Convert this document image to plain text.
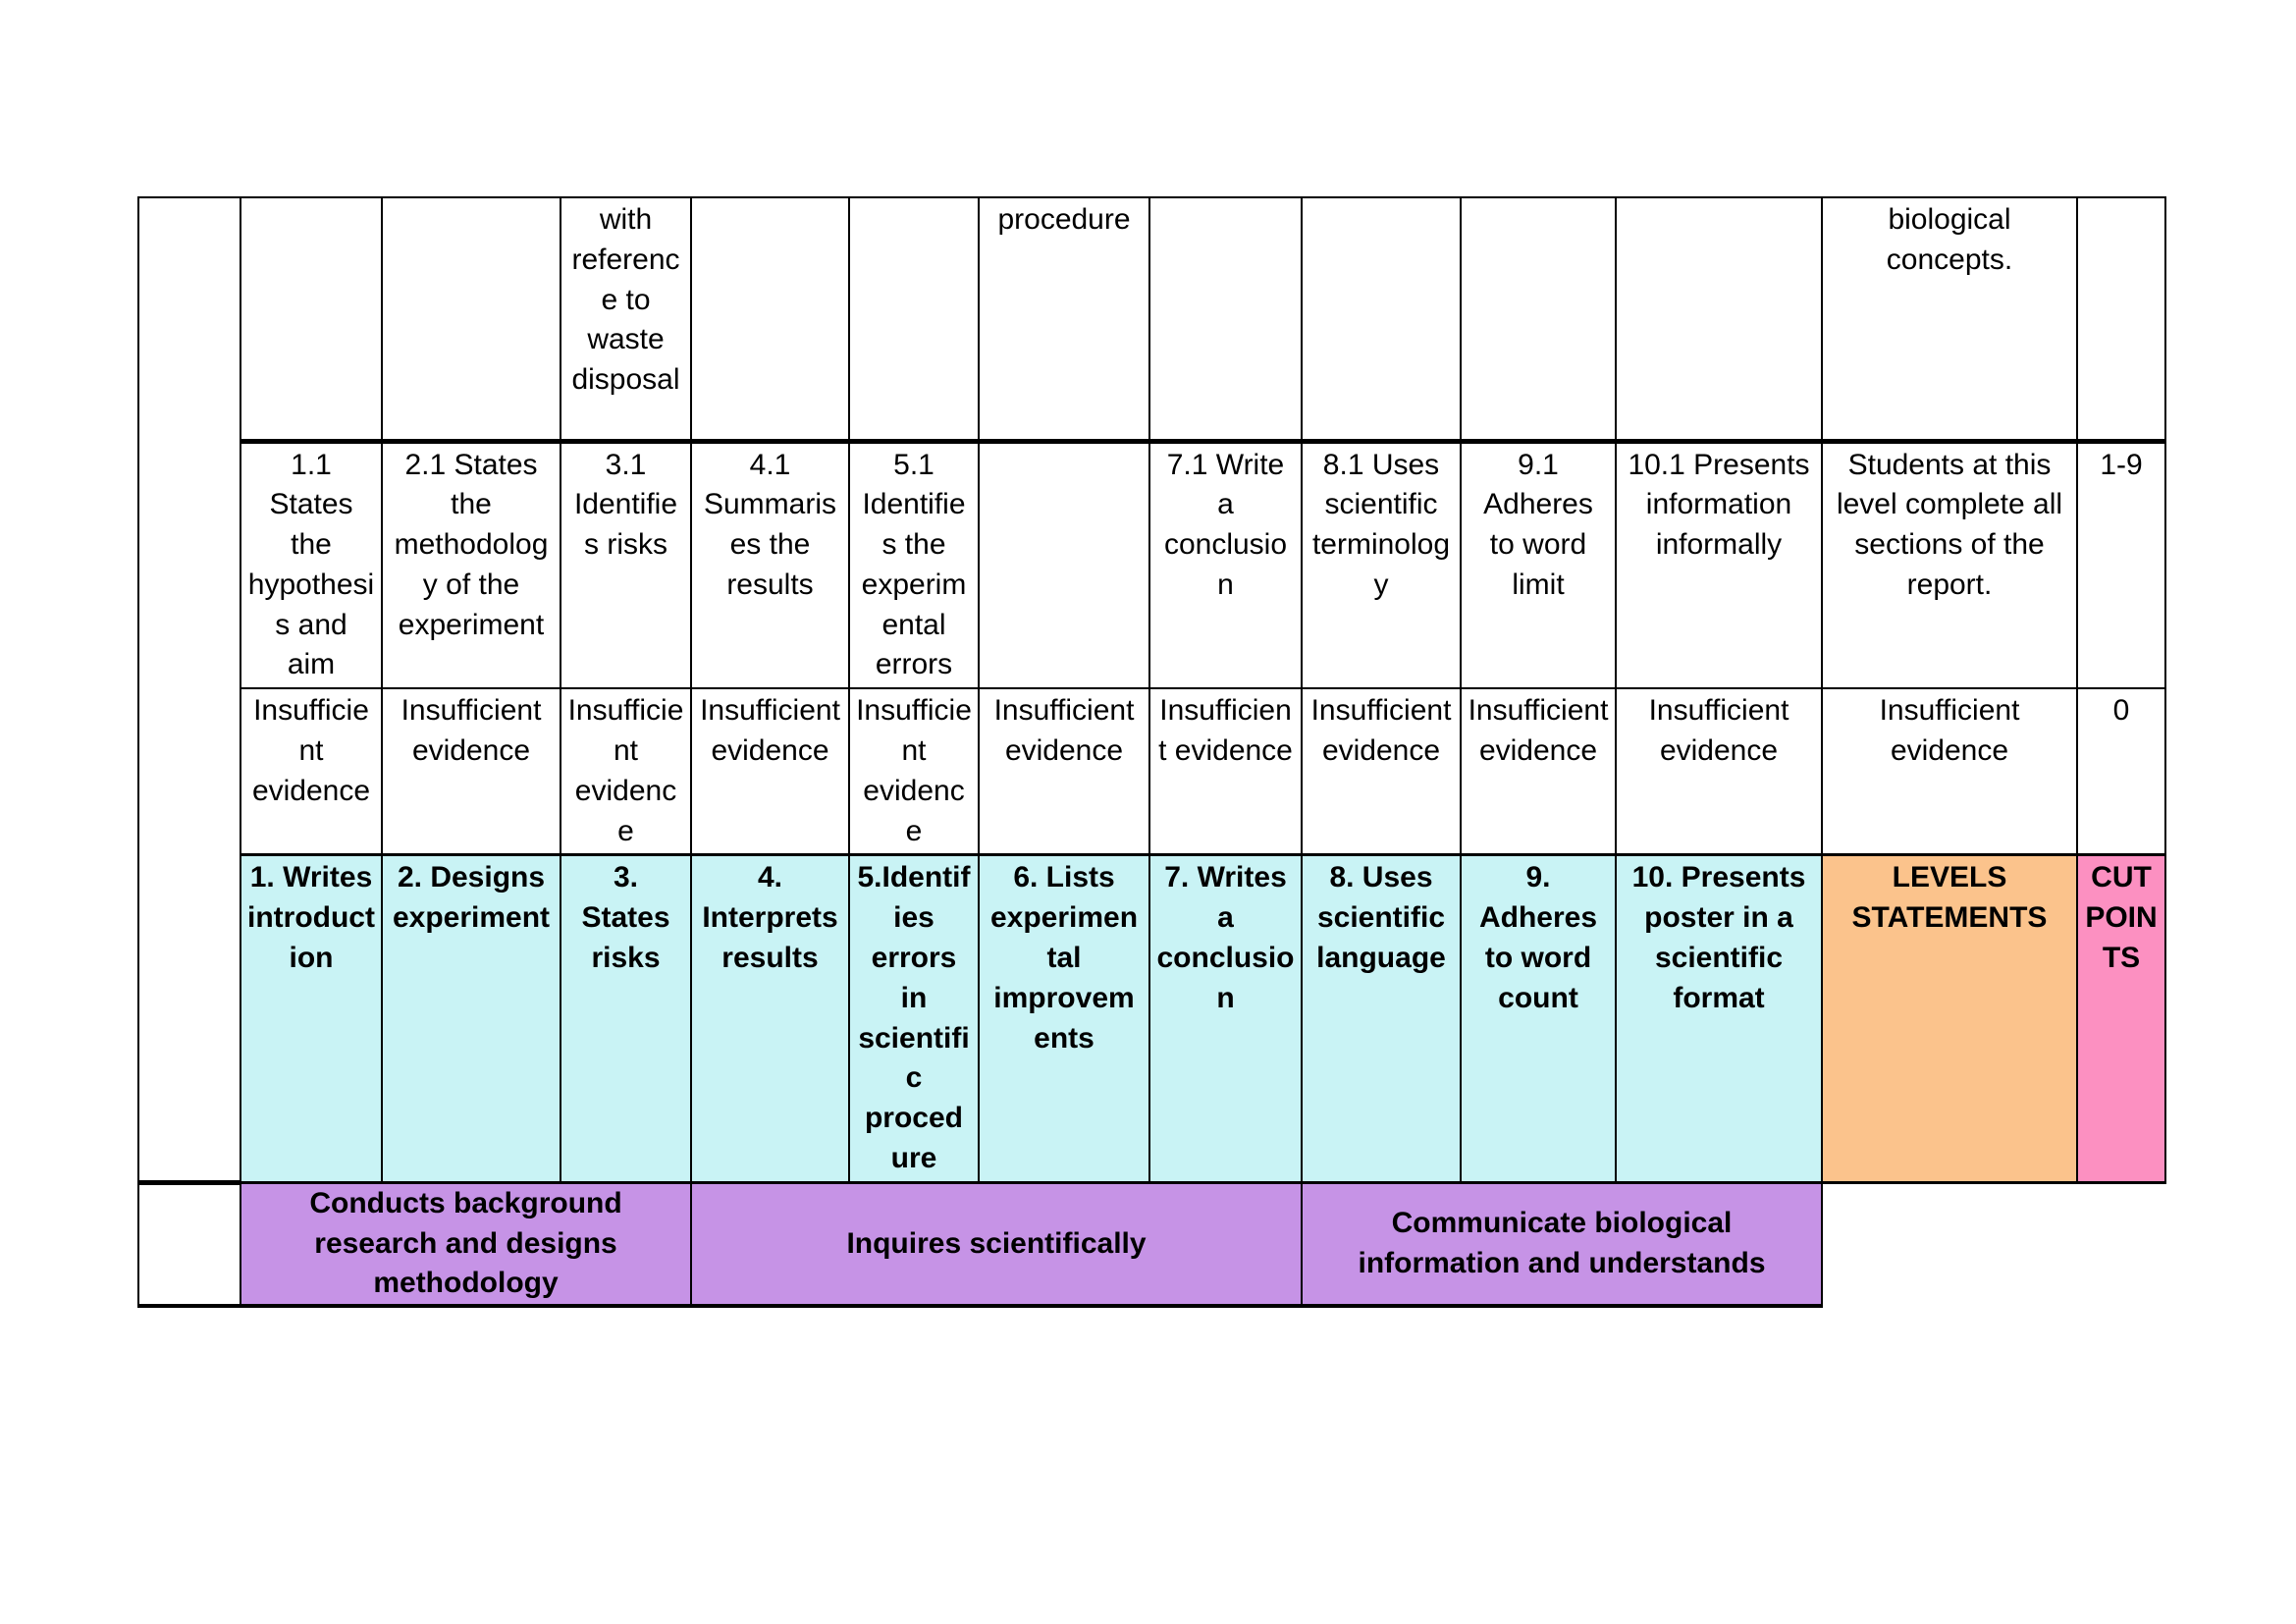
			with reference to waste disposal			procedure					biological concepts.	
	1.1 States the hypothesis and aim	2.1 States the methodology of the experiment	3.1 Identifies risks	4.1 Summarises the results	5.1 Identifies the experimental errors		7.1 Write a conclusion	8.1 Uses scientific terminology	9.1 Adheres to word limit	10.1 Presents information informally	Students at this level complete all sections of the report.	1-9
	Insufficient evidence	Insufficient evidence	Insufficient evidence	Insufficient evidence	Insufficient evidence	Insufficient evidence	Insufficient evidence	Insufficient evidence	Insufficient evidence	Insufficient evidence	Insufficient evidence	0
	1. Writes introduction	2. Designs experiment	3. States risks	4. Interprets results	5.Identifies errors in scientific procedure	6. Lists experimental improvements	7. Writes a conclusion	8. Uses scientific language	9. Adheres to word count	10. Presents poster in a scientific format	LEVELS STATEMENTS	CUT POINTS
	Conducts background research and designs methodology			Inquires scientifically				Communicate biological information and understands				
